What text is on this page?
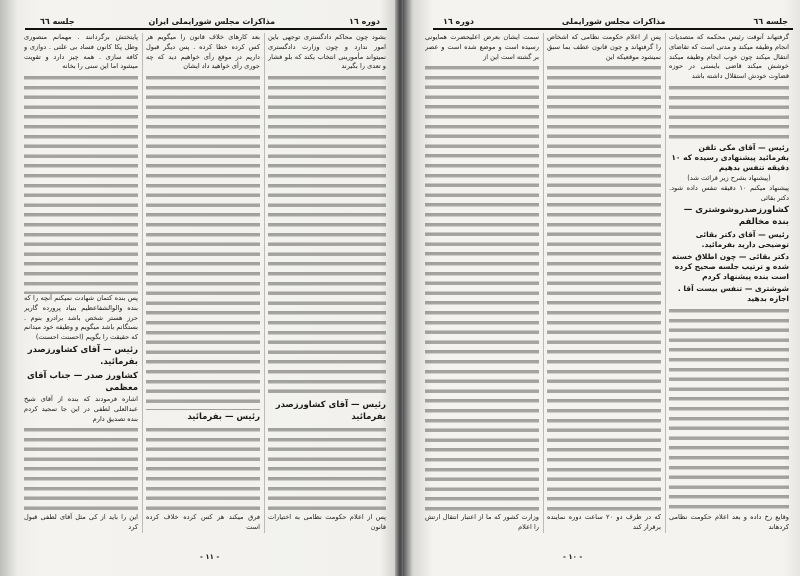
دوره ١٦
مذاکرات مجلس شورایملی ایران
جلسه ٦٦

بشود چون محاکم دادگستری توجهی باین امور ندارد و چون وزارت دادگستری نمیتواند مأمورینی انتخاب بکند که بلو فشار و تعدی را بگیرند

رئیس — آقای کشاورزصدر بفرمائید

پس از اعلام حکومت نظامی به اختیارات قانون

بعد کارهای خلاف قانون را میگویم هر کس کرده خطا کرده . پس دیگر قبول داریم در موقع رأی خواهیم دید که چه جوری رأی خواهید داد ایشان

رئیس — بفرمائید

فرق میکند هر کس کرده خلاف کرده است

پایتختش برگردانند . مهمانم منصوری وطل پکا کانون فساد بی علتی . دوازی و کافه سازی . همه چیز دارد و تقویت میشود اما این سنی را بخانه

پس بنده کتمان شهادت نمیکنم آنچه را که بنده والوالشفاعظیم بنیاد پرورده گاریر حرز هستر شخص باشد برادرو بنوم . بستگانم باشد میگویم و وظیفه خود میدانم که حقیقت را بگویم (احسنت احسنت)

رئیس — آقای کشاورزصدر بفرمائید.
کشاورز صدر — جناب آقای معظمی

اشاره فرمودند که بنده از آقای شیخ عبدالعلی لطفی در این جا تمجید کردم بنده تصدیق دارم

این را باید از کی مثل آقای لطفی قبول کرد

- ١١ -
جلسه ٦٦
مذاکرات مجلس شورایملی
دوره ١٦

سمت ایشان بعرض اعلیحضرت همایونی رسیده است و موضع شده است و عصر بر گشته است این از

وزارت کشور که ما از اعتبار انتقال ارتش را اعلام

پس از اعلام حکومت نظامی که اشخاص را گرفتهاند و چون قانون عطف بما سبق نمیشود موقعیکه این

که در ظرف دو ۲۰ ساعت دوره نماینده برقرار کند

گرفتهاند آنوقت رئیس محکمه که متصدیات انجام وظیفه میکند و مدتی است که تقاضای انتقال میکند چون خوب انجام وظیفه میکند خوشش میکند قاضی بایستی در حوزه قضاوت خودش استقلال داشته باشد

رئیس — آقای مکی تلفن بفرمائید پیشنهادی رسیده که ۱۰ دقیقه تنفس بدهیم
(پیشنهاد بشرح زیر قرائت شد)

پیشنهاد میکنم ۱۰ دقیقه تنفس داده شود. دکتر بقائی

کشاورزصدروشوشتری — بنده مخالفم
رئیس — آقای دکتر بقائی توضیحی دارید بفرمائید.
دکتر بقائی — چون اطلاق خسته شده و ترتیب جلسه صحیح کرده است بنده پیشنهاد کردم
شوشتری — تنفس بیست آقا . اجازه بدهید

وقایع رخ داده و بعد اعلام حکومت نظامی کردهاند

- ١٠ -
